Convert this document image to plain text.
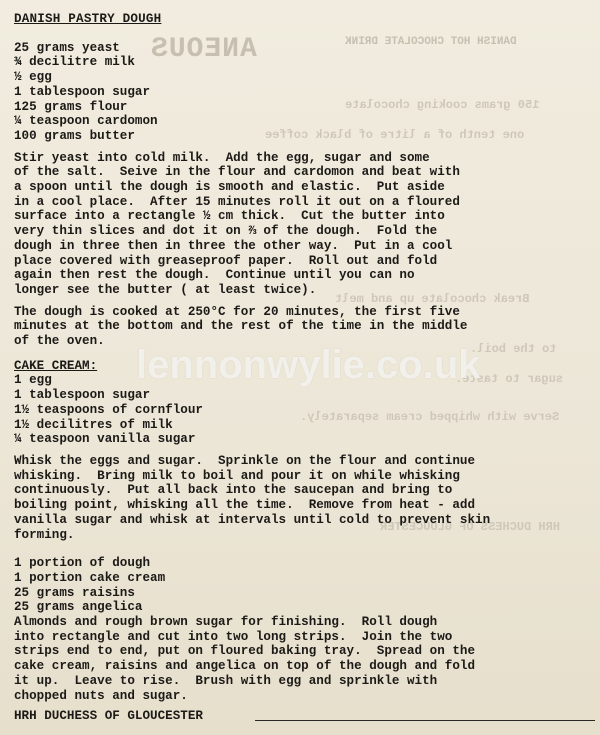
ANEOUS	DANISH HOT CHOCOLATE DRINK
150 grams cooking chocolate
one tenth of a litre of black coffee
Break chocolate up and melt
to the boil.
sugar to taste.
Serve with whipped cream separately.
HRH DUCHESS OF GLOUCESTER
DANISH PASTRY DOUGH
25 grams yeast
¾ decilitre milk
½ egg
1 tablespoon sugar
125 grams flour
¼ teaspoon cardomon
100 grams butter
Stir yeast into cold milk.  Add the egg, sugar and some
of the salt.  Seive in the flour and cardomon and beat with
a spoon until the dough is smooth and elastic.  Put aside
in a cool place.  After 15 minutes roll it out on a floured
surface into a rectangle ½ cm thick.  Cut the butter into
very thin slices and dot it on ⅔ of the dough.  Fold the
dough in three then in three the other way.  Put in a cool
place covered with greaseproof paper.  Roll out and fold
again then rest the dough.  Continue until you can no
longer see the butter ( at least twice).
The dough is cooked at 250°C for 20 minutes, the first five
minutes at the bottom and the rest of the time in the middle
of the oven.
CAKE CREAM:
1 egg
1 tablespoon sugar
1½ teaspoons of cornflour
1½ decilitres of milk
¼ teaspoon vanilla sugar
Whisk the eggs and sugar.  Sprinkle on the flour and continue
whisking.  Bring milk to boil and pour it on while whisking
continuously.  Put all back into the saucepan and bring to
boiling point, whisking all the time.  Remove from heat - add
vanilla sugar and whisk at intervals until cold to prevent skin
forming.
1 portion of dough
1 portion cake cream
25 grams raisins
25 grams angelica
Almonds and rough brown sugar for finishing.  Roll dough
into rectangle and cut into two long strips.  Join the two
strips end to end, put on floured baking tray.  Spread on the
cake cream, raisins and angelica on top of the dough and fold
it up.  Leave to rise.  Brush with egg and sprinkle with
chopped nuts and sugar.
HRH DUCHESS OF GLOUCESTER
lennonwylie.co.uk
